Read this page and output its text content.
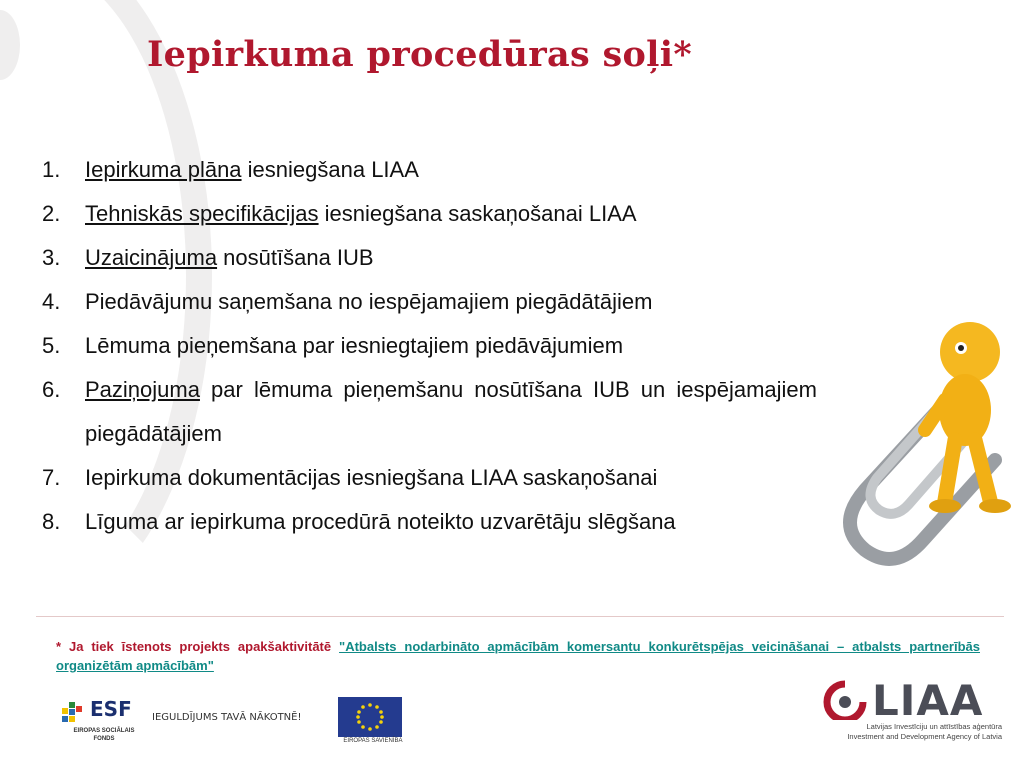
Iepirkuma procedūras soļi*
1. Iepirkuma plāna iesniegšana LIAA
2. Tehniskās specifikācijas iesniegšana saskaņošanai LIAA
3. Uzaicinājuma nosūtīšana IUB
4. Piedāvājumu saņemšana no iespējamajiem piegādātājiem
5. Lēmuma pieņemšana par iesniegtajiem piedāvājumiem
6. Paziņojuma par lēmuma pieņemšanu nosūtīšana IUB un iespējamajiem piegādātājiem
7. Iepirkuma dokumentācijas iesniegšana LIAA saskaņošanai
8. Līguma ar iepirkuma procedūrā noteikto uzvarētāju slēgšana
* Ja tiek īstenots projekts apakšaktivitātē "Atbalsts nodarbināto apmācībām komersantu konkurētspējas veicināšanai – atbalsts partnerībās organizētām apmācībām"
ESF
EIROPAS SOCIĀLAIS
FONDS
IEGULDĪJUMS TAVĀ NĀKOTNĒ!
EIROPAS SAVIENĪBA
LIAA
Latvijas Investīciju un attīstības aģentūra
Investment and Development Agency of Latvia
